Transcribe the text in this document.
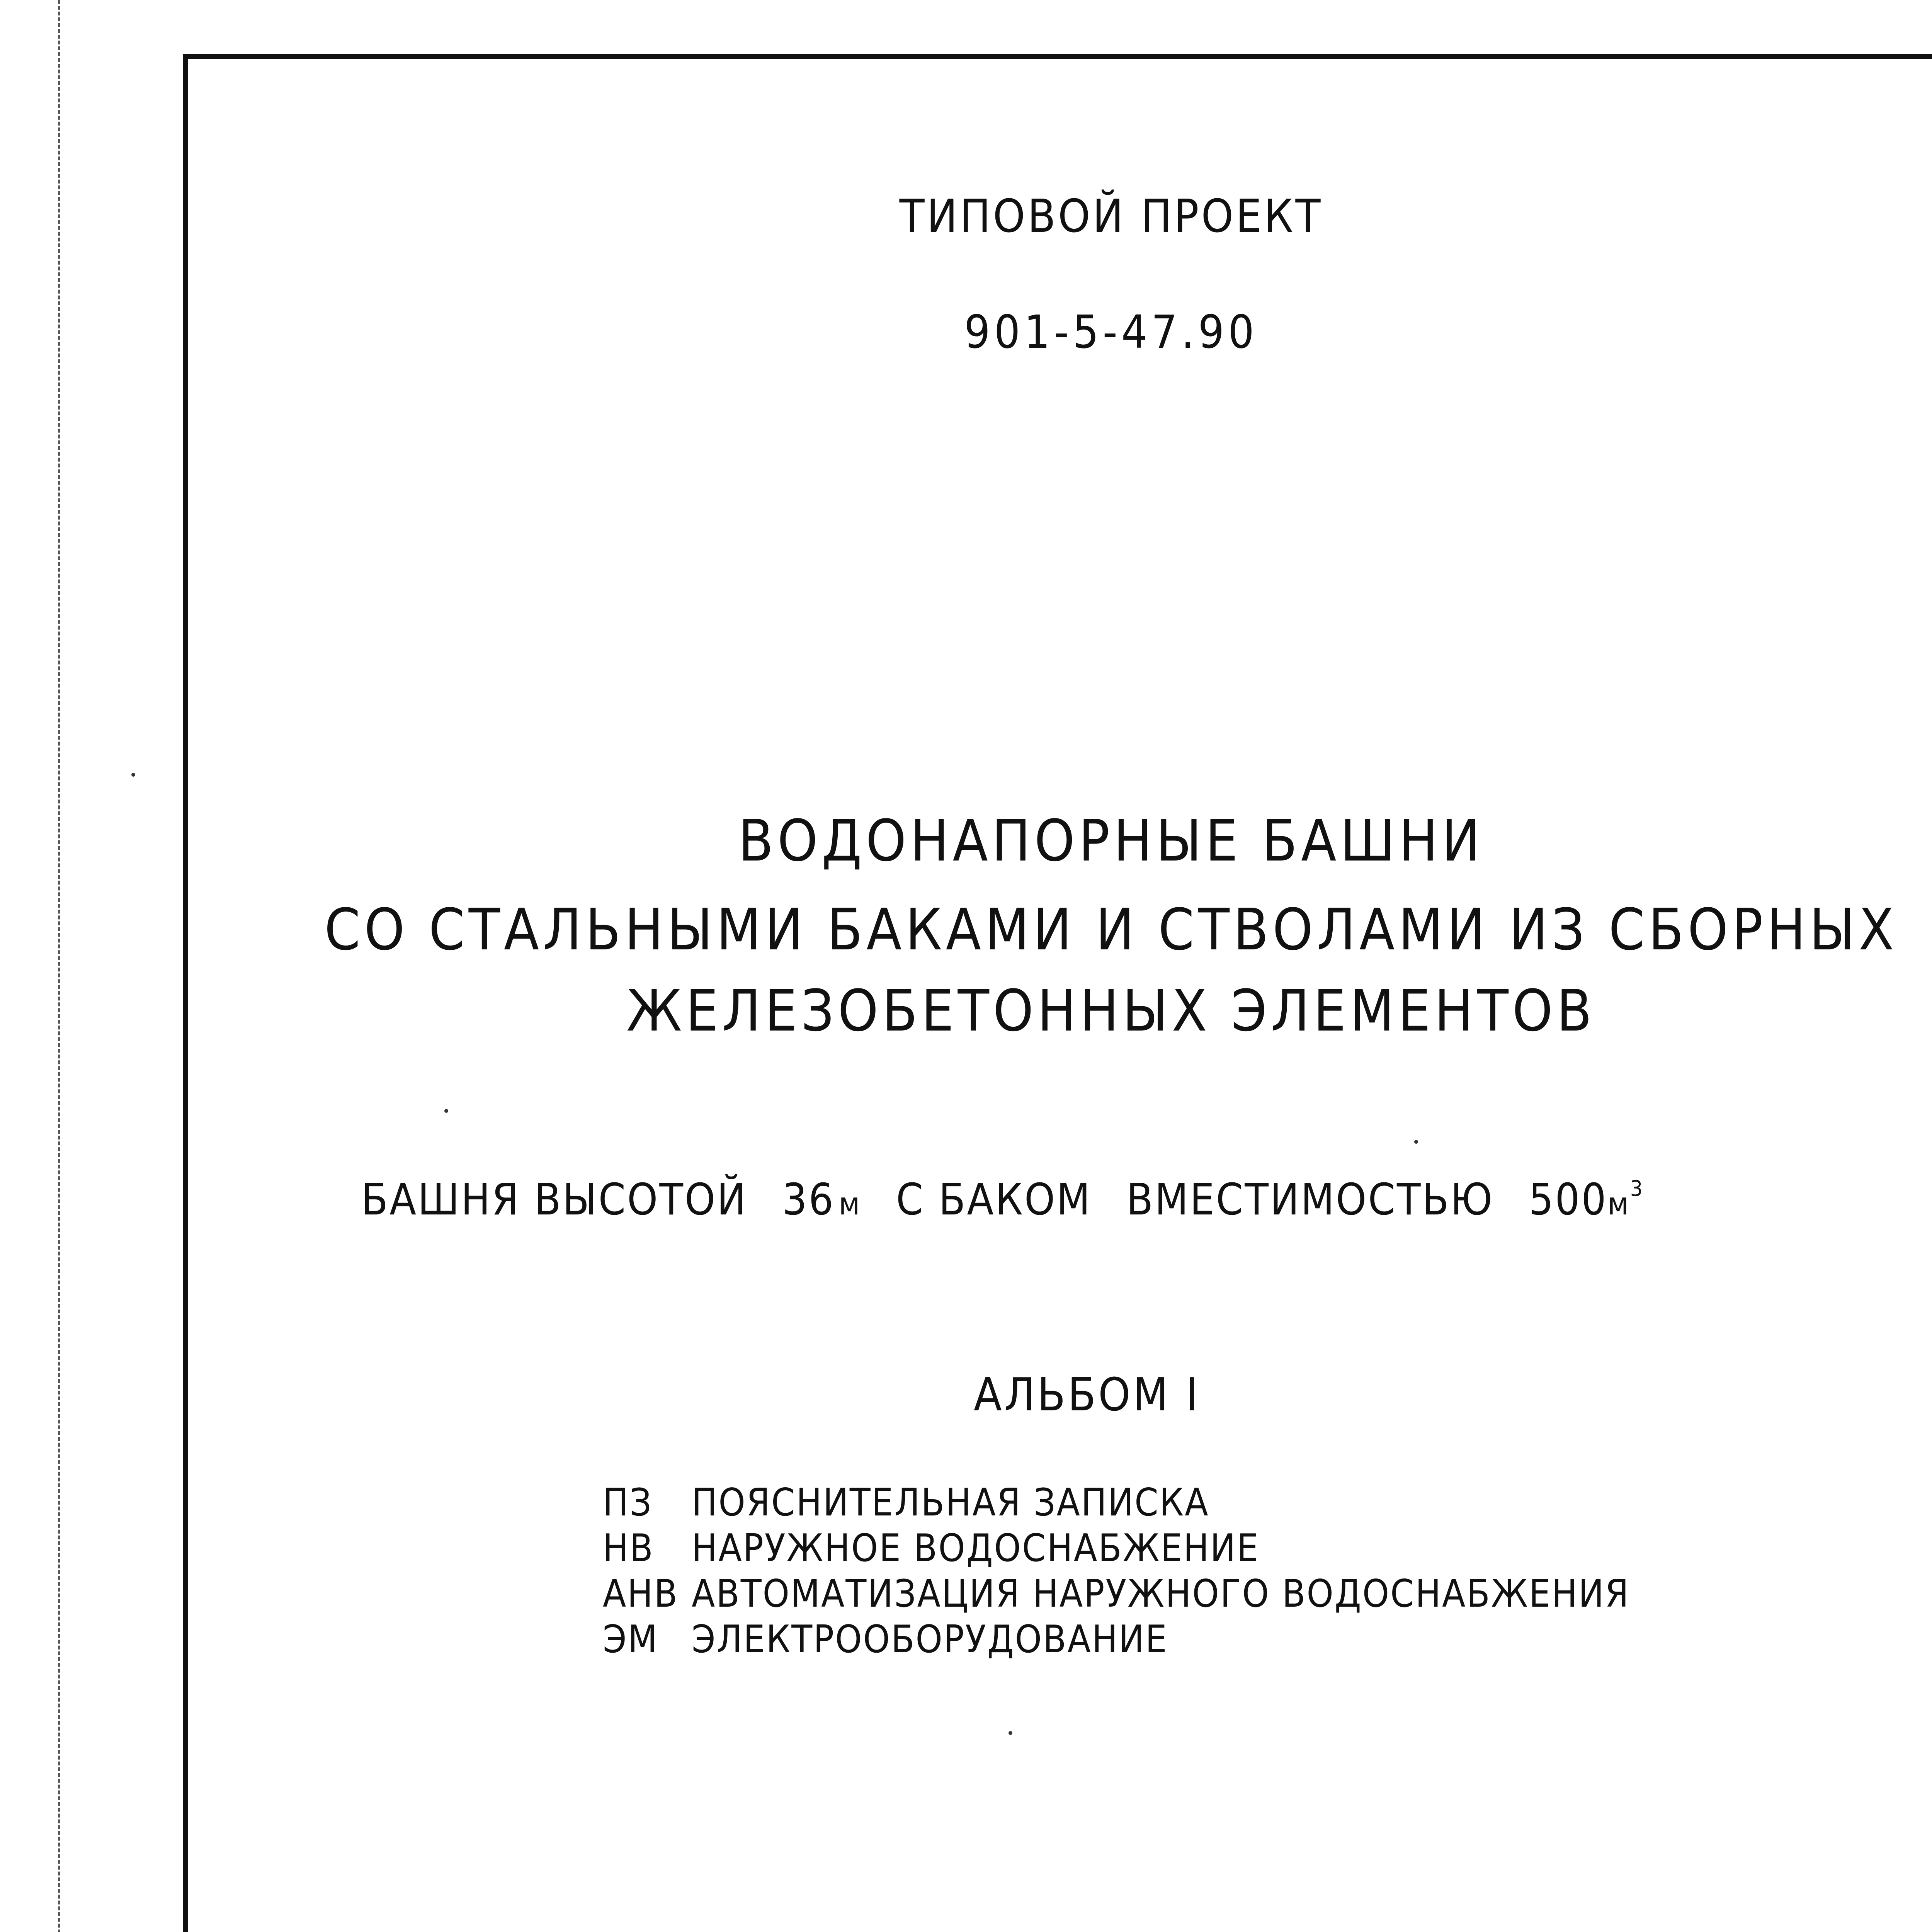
ТИПОВОЙ ПРОЕКТ
901-5-47.90
ВОДОНАПОРНЫЕ БАШНИ
СО СТАЛЬНЫМИ БАКАМИ И СТВОЛАМИ ИЗ СБОРНЫХ
ЖЕЛЕЗОБЕТОННЫХ ЭЛЕМЕНТОВ
БАШНЯ ВЫСОТОЙ 36 м С БАКОМ ВМЕСТИМОСТЬЮ $500м^3$
АЛЬБОМ I
ПЗ ПОЯСНИТЕЛЬНАЯ ЗАПИСКА
НВ НАРУЖНОЕ ВОДОСНАБЖЕНИЕ
АНВ АВТОМАТИЗАЦИЯ НАРУЖНОГО ВОДОСНАБЖЕНИЯ
ЭМ ЭЛЕКТРООБОРУДОВАНИЕ
